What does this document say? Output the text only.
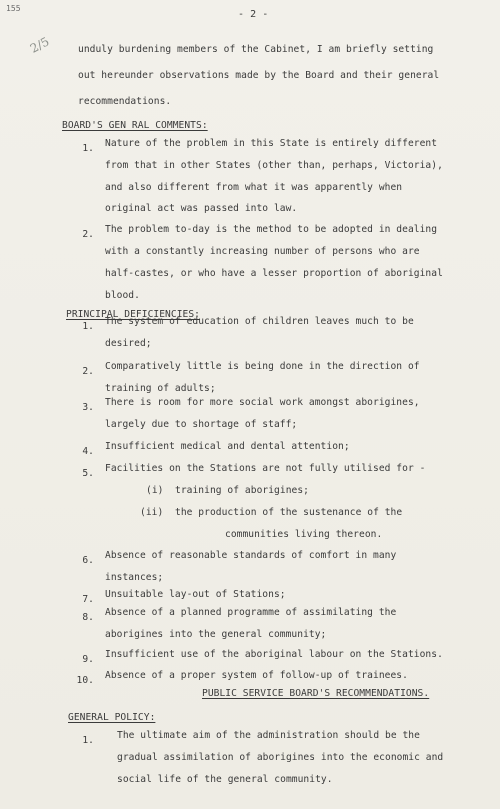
155
- 2 -
2/5	unduly burdening members of the Cabinet, I am briefly setting
out hereunder observations made by the Board and their general
recommendations.
BOARD'S GEN RAL COMMENTS:
1. Nature of the problem in this State is entirely different
from that in other States (other than, perhaps, Victoria),
and also different from what it was apparently when
original act was passed into law.
2. The problem to-day is the method to be adopted in dealing
with a constantly increasing number of persons who are
half-castes, or who have a lesser proportion of aboriginal
blood.
PRINCIPAL DEFICIENCIES:
1. The system of education of children leaves much to be
desired;
2. Comparatively little is being done in the direction of
training of adults;
3. There is room for more social work amongst aborigines,
largely due to shortage of staff;
4. Insufficient medical and dental attention;
5. Facilities on the Stations are not fully utilised for -
(i) training of aborigines;
(ii) the production of the sustenance of the
communities living thereon.
6. Absence of reasonable standards of comfort in many
instances;
7. Unsuitable lay-out of Stations;
8. Absence of a planned programme of assimilating the
aborigines into the general community;
9. Insufficient use of the aboriginal labour on the Stations.
10. Absence of a proper system of follow-up of trainees.
PUBLIC SERVICE BOARD'S RECOMMENDATIONS.
GENERAL POLICY:
1. The ultimate aim of the administration should be the
gradual assimilation of aborigines into the economic and
social life of the general community.
